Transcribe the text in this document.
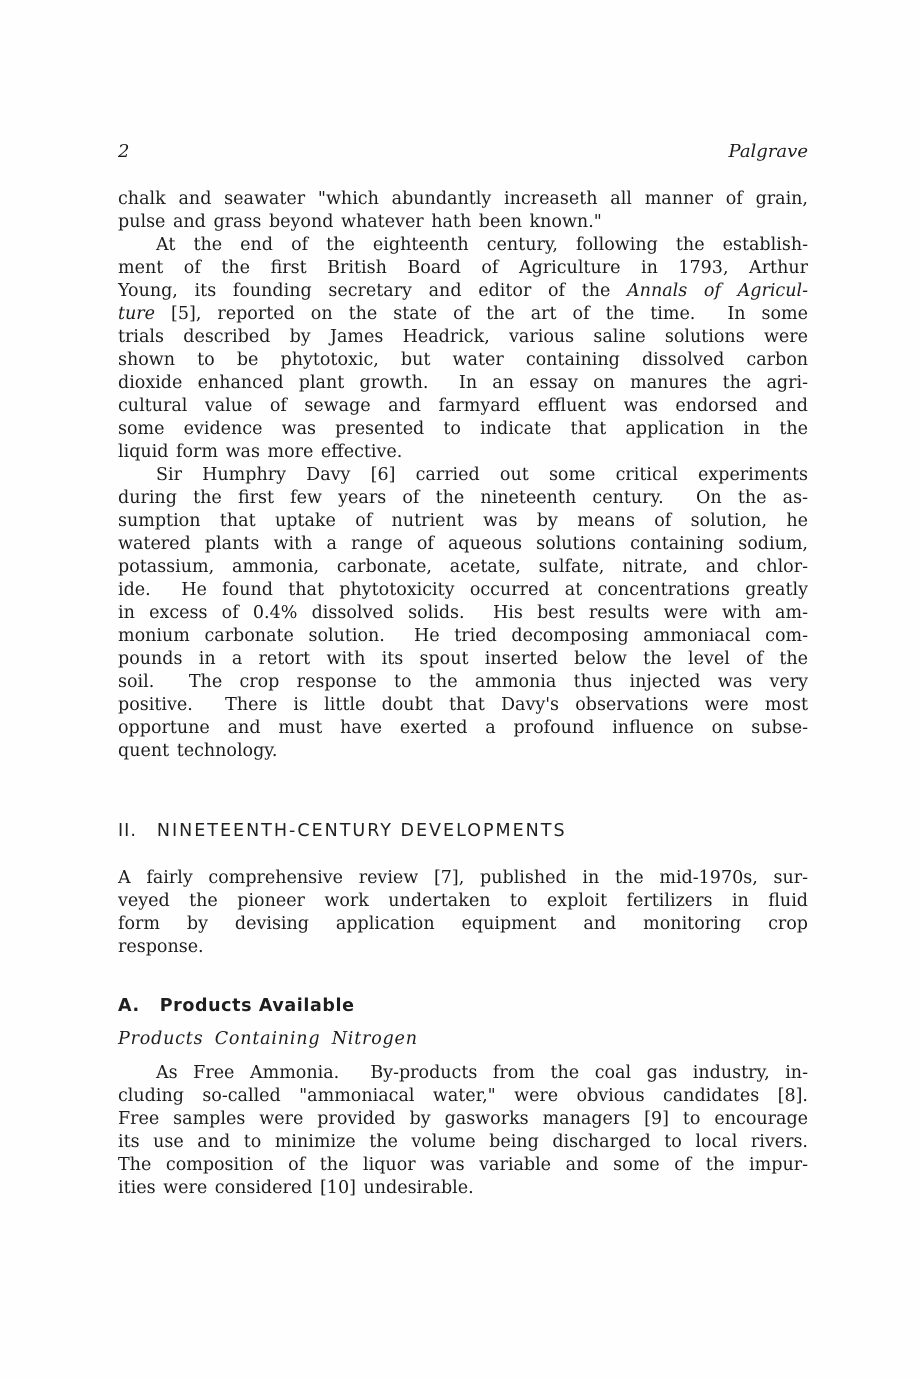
2	Palgrave
chalk and seawater "which abundantly increaseth all manner of grain,
pulse and grass beyond whatever hath been known."
At the end of the eighteenth century, following the establish-
ment of the first British Board of Agriculture in 1793, Arthur
Young, its founding secretary and editor of the Annals of Agricul-
ture [5], reported on the state of the art of the time.  In some
trials described by James Headrick, various saline solutions were
shown to be phytotoxic, but water containing dissolved carbon
dioxide enhanced plant growth.  In an essay on manures the agri-
cultural value of sewage and farmyard effluent was endorsed and
some evidence was presented to indicate that application in the
liquid form was more effective.
Sir Humphry Davy [6] carried out some critical experiments
during the first few years of the nineteenth century.  On the as-
sumption that uptake of nutrient was by means of solution, he
watered plants with a range of aqueous solutions containing sodium,
potassium, ammonia, carbonate, acetate, sulfate, nitrate, and chlor-
ide.  He found that phytotoxicity occurred at concentrations greatly
in excess of 0.4% dissolved solids.  His best results were with am-
monium carbonate solution.  He tried decomposing ammoniacal com-
pounds in a retort with its spout inserted below the level of the
soil.  The crop response to the ammonia thus injected was very
positive.  There is little doubt that Davy's observations were most
opportune and must have exerted a profound influence on subse-
quent technology.
II. NINETEENTH-CENTURY DEVELOPMENTS
A fairly comprehensive review [7], published in the mid-1970s, sur-
veyed the pioneer work undertaken to exploit fertilizers in fluid
form by devising application equipment and monitoring crop
response.
A. Products Available
Products Containing Nitrogen
As Free Ammonia.  By-products from the coal gas industry, in-
cluding so-called "ammoniacal water," were obvious candidates [8].
Free samples were provided by gasworks managers [9] to encourage
its use and to minimize the volume being discharged to local rivers.
The composition of the liquor was variable and some of the impur-
ities were considered [10] undesirable.
